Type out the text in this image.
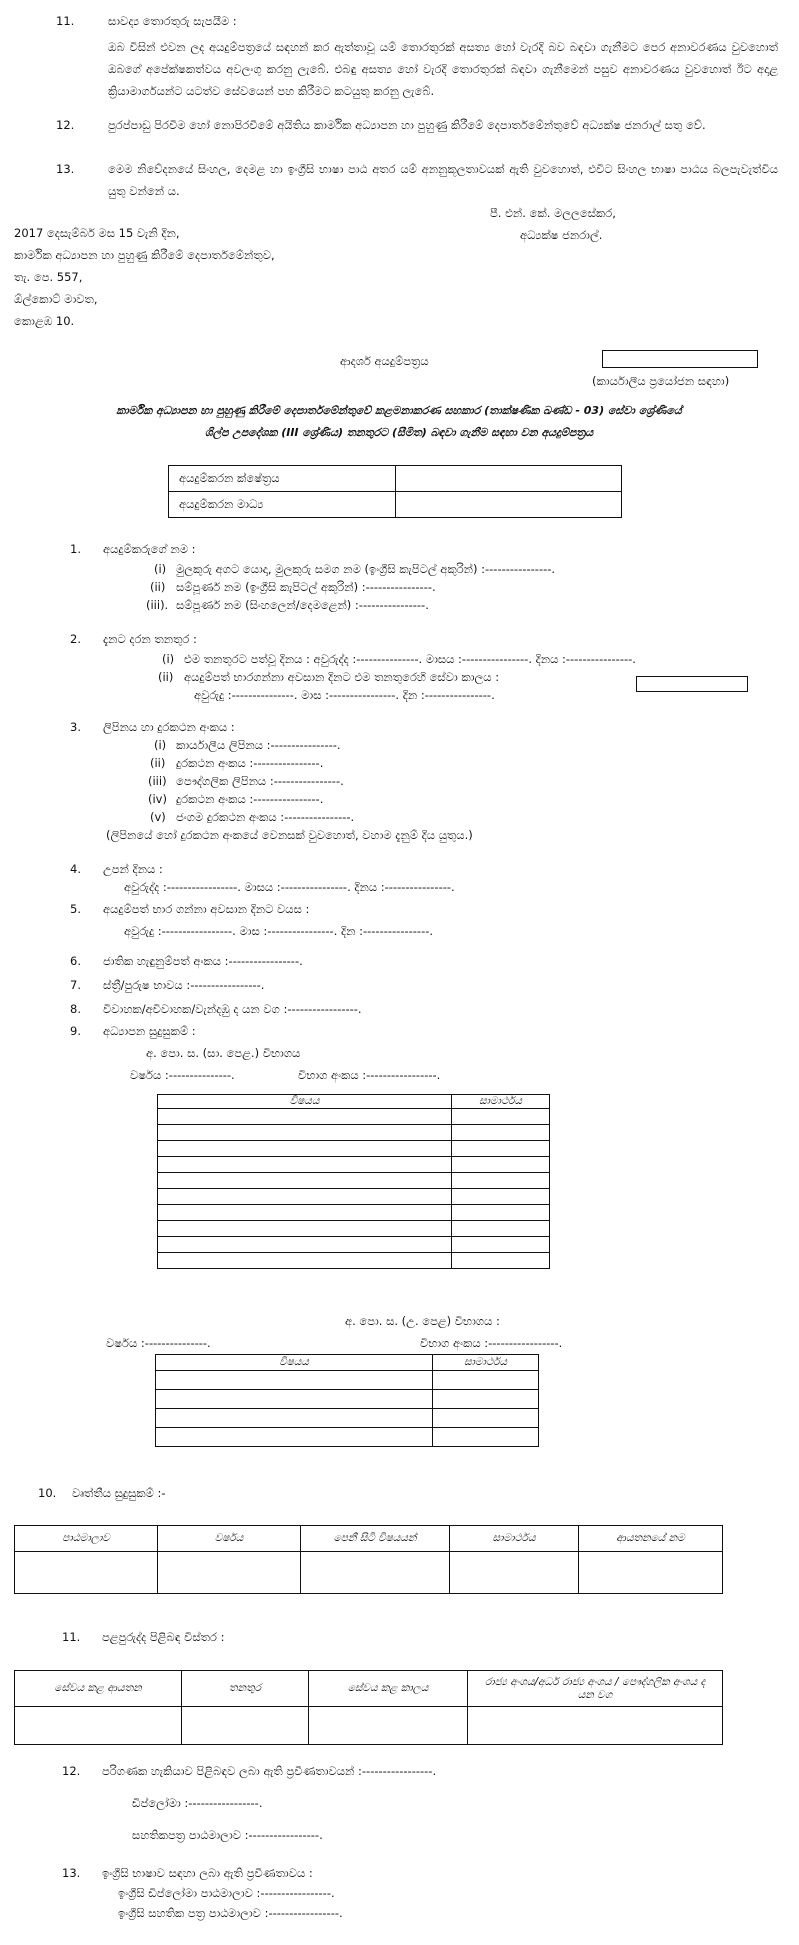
11.	සාවද්‍ය තොරතුරු සැපයීම :
ඔබ විසින් එවන ලද අයදුම්පත්‍රයේ සඳහන් කර ඇත්තාවූ යම් තොරතුරක් අසත්‍ය හෝ වැරදි බව බඳවා ගැනීමට පෙර අනාවරණය වුවහොත් ඔබගේ අපේක්ෂකත්වය අවලංගු කරනු ලැබේ. එබඳු අසත්‍ය හෝ වැරදි තොරතුරක් බඳවා ගැනීමෙන් පසුව අනාවරණය වුවහොත් ඊට අදාළ ක්‍රියාමාර්ගයන්ට යටත්ව සේවයෙන් පහ කිරීමට කටයුතු කරනු ලැබේ.
12.	පුරප්පාඩු පිරවීම හෝ නොපිරවීමේ අයිතිය කාර්මික අධ්‍යාපන හා පුහුණු කිරීමේ දෙපාර්තමේන්තුවේ අධ්‍යක්ෂ ජනරාල් සතු වේ.
13.	මෙම නිවේදනයේ සිංහල, දෙමළ හා ඉංග්‍රීසි භාෂා පාඨ අතර යම් අනනුකූලතාවයක් ඇති වුවහොත්, එවිට සිංහල භාෂා පාඨය බලපැවැත්විය යුතු වන්නේ ය.
පී. එන්. කේ. මලලසේකර,
අධ්‍යක්ෂ ජනරාල්.
2017 දෙසැම්බර් මස 15 වැනි දින,
කාර්මික අධ්‍යාපන හා පුහුණු කිරීමේ දෙපාර්තමේන්තුව,
තැ. පෙ. 557,
ඕල්කොට් මාවත,
කොළඹ 10.
ආදර්ශ අයදුම්පත්‍රය
(කාර්යාලීය ප්‍රයෝජන සඳහා)
කාර්මික අධ්‍යාපන හා පුහුණු කිරීමේ දෙපාර්තමේන්තුවේ කළමනාකරණ සහකාර (තාක්ෂණික ඛණ්ඩ - 03) සේවා ශ්‍රේණියේ
ශිල්ප උපදේශක (III ශ්‍රේණිය) තනතුරට (සීමිත) බඳවා ගැනීම සඳහා වන අයදුම්පත්‍රය
අයදුම්කරන ක්ෂේත්‍රය	
අයදුම්කරන මාධ්‍ය	
1.	අයදුම්කරුගේ නම :
(i) මුලකුරු අගට යොදා, මුලකුරු සමග නම (ඉංග්‍රීසි කැපිටල් අකුරින්) :----------------.
(ii) සම්පූර්ණ නම (ඉංග්‍රීසි කැපිටල් අකුරින්) :----------------.
(iii). සම්පූර්ණ නම (සිංහලෙන්/දෙමළෙන්) :----------------.
2.	දැනට දරන තනතුර :
(i) එම තනතුරට පත්වූ දිනය : අවුරුද්ද :---------------. මාසය :----------------. දිනය :----------------.
(ii) අයදුම්පත් භාරගන්නා අවසාන දිනට එම තනතුරෙහි සේවා කාලය :
අවුරුදු :---------------. මාස :----------------. දින :----------------.
3.	ලිපිනය හා දුරකථන අංකය :
(i) කාර්යාලීය ලිපිනය :----------------.
(ii) දුරකථන අංකය :----------------.
(iii) පෞද්ගලික ලිපිනය :----------------.
(iv) දුරකථන අංකය :----------------.
(v) ජංගම දුරකථන අංකය :----------------.
(ලිපිනයේ හෝ දුරකථන අංකයේ වෙනසක් වුවහොත්, වහාම දැනුම් දිය යුතුය.)
4.	උපන් දිනය :
අවුරුද්ද :-----------------. මාසය :----------------. දිනය :----------------.
5.	අයදුම්පත් භාර ගන්නා අවසාන දිනට වයස :
අවුරුදු :-----------------. මාස :----------------. දින :----------------.
6.	ජාතික හැඳුනුම්පත් අංකය :-----------------.
7.	ස්ත්‍රී/පුරුෂ භාවය :-----------------.
8.	විවාහක/අවිවාහක/වැන්දඹු ද යන වග :-----------------.
9.	අධ්‍යාපන සුදුසුකම් :
අ. පො. ස. (සා. පෙළ.) විභාගය
වර්ෂය :---------------.	විභාග අංකය :-----------------.
විෂයය	සාමාර්ථය

අ. පො. ස. (උ. පෙළ) විභාගය :
වර්ෂය :---------------.	විභාග අංකය :-----------------.
විෂයය	සාමාර්ථය

10.	වෘත්තීය සුදුසුකම් :-
පාඨමාලාව	වර්ෂය	පෙනී සිටි විෂයයන්	සාමාර්ථය	ආයතනයේ නම

11.	පළපුරුද්ද පිළිබඳ විස්තර :
සේවය කළ ආයතන	තනතුර	සේවය කළ කාලය	රාජ්‍ය අංශය/අර්ධ රාජ්‍ය අංශය / පෞද්ගලික අංශය ද යන වග

12.	පරිගණක හැකියාව පිළිබඳව ලබා ඇති ප්‍රවීණතාවයන් :-----------------.
ඩිප්ලෝමා :-----------------.
සහතිකපත්‍ර පාඨමාලාව :-----------------.
13.	ඉංග්‍රීසි භාෂාව සඳහා ලබා ඇති ප්‍රවීණතාවය :
ඉංග්‍රීසි ඩිප්ලෝමා පාඨමාලාව :-----------------.
ඉංග්‍රීසි සහතික පත්‍ර පාඨමාලාව :-----------------.
